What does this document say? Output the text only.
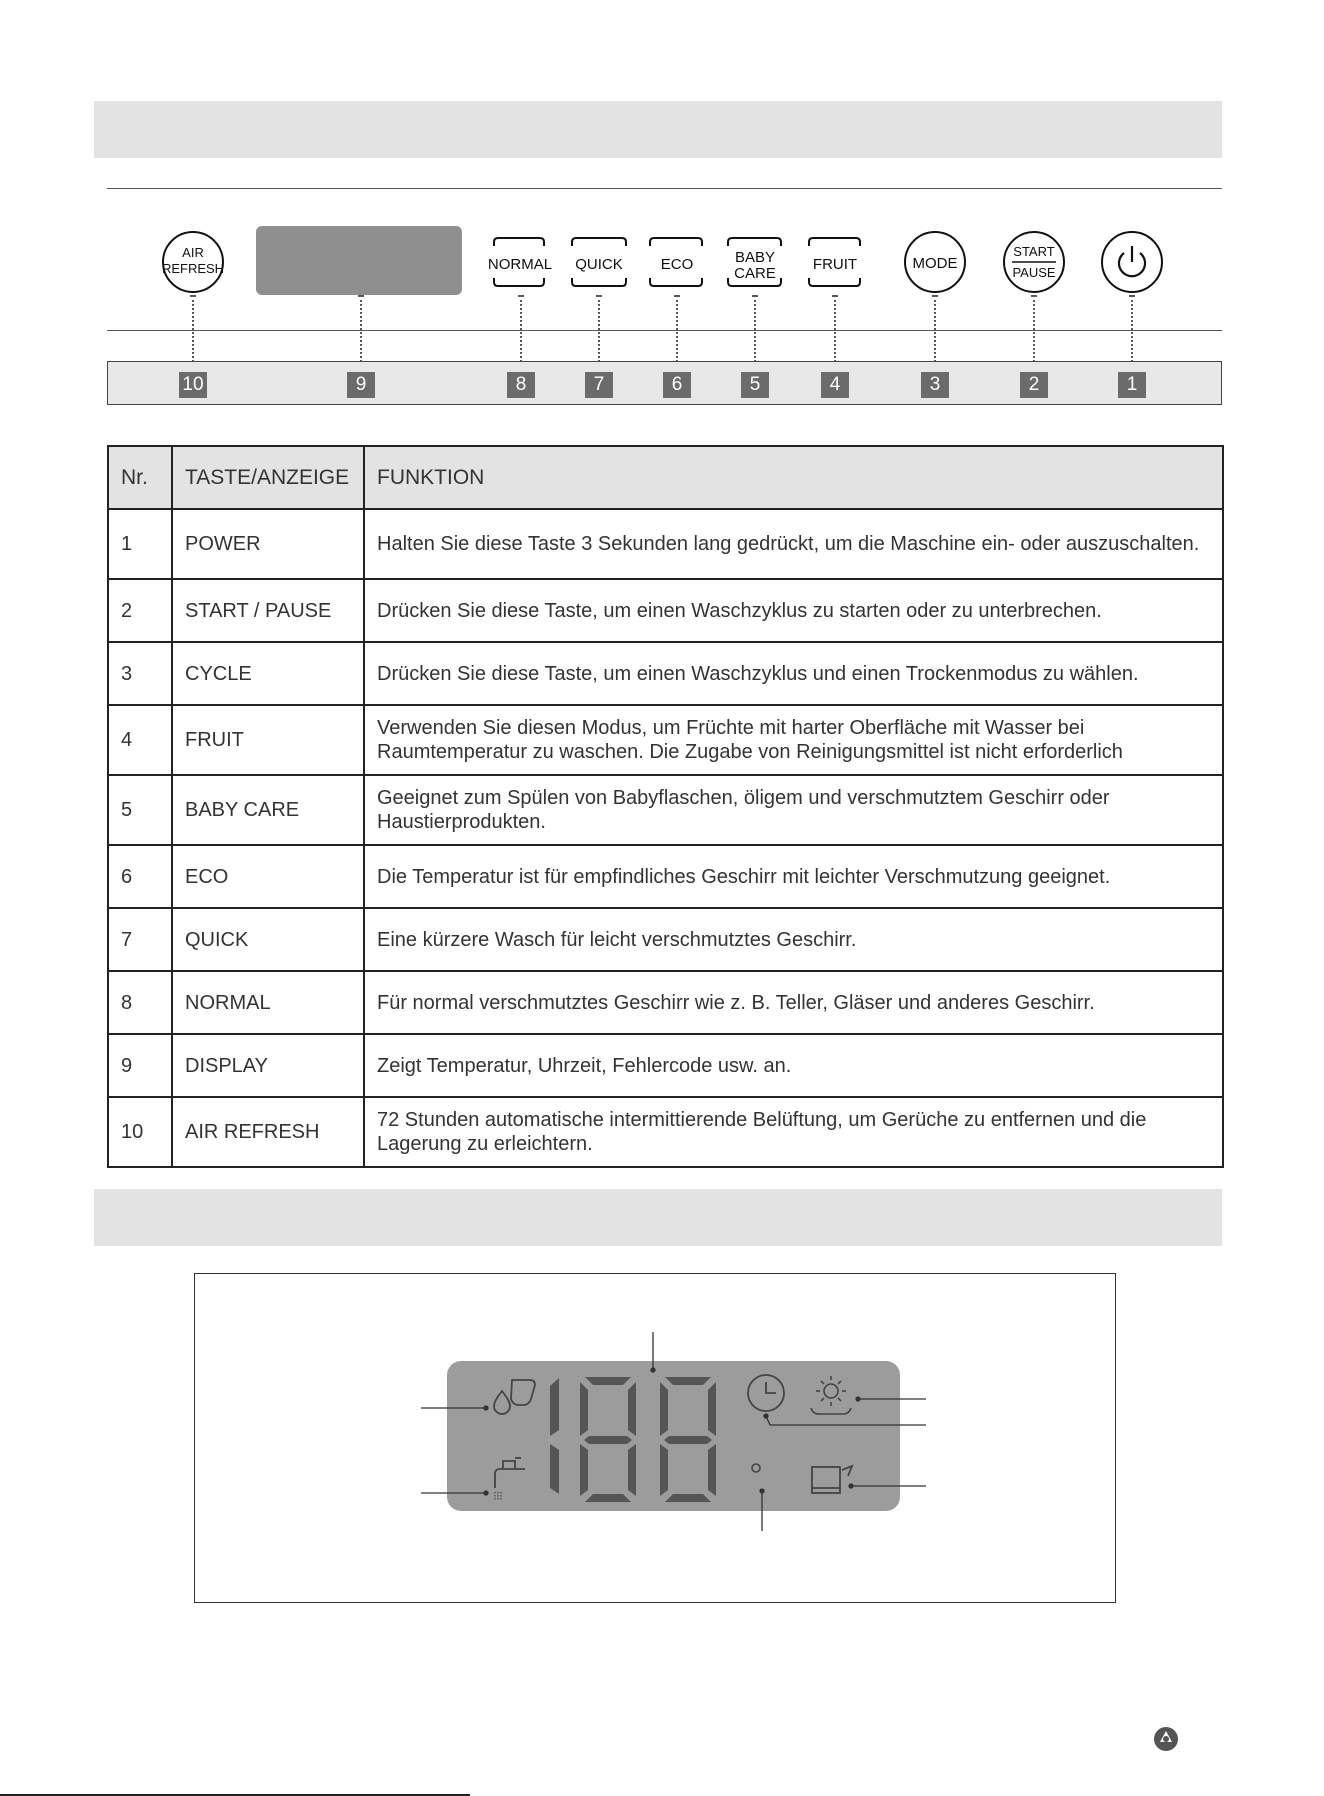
AIR
REFRESH	NORMAL QUICK	ECO	BABY
CARE
FRUIT	MODE
START
PAUSE
10	9	8	7	6	5	4	3	2	1
Nr.	TASTE/ANZEIGE	FUNKTION
1	POWER	Halten Sie diese Taste 3 Sekunden lang gedrückt, um die Maschine ein- oder auszuschalten.
2	START / PAUSE	Drücken Sie diese Taste, um einen Waschzyklus zu starten oder zu unterbrechen.
3	CYCLE	Drücken Sie diese Taste, um einen Waschzyklus und einen Trockenmodus zu wählen.
4	FRUIT	Verwenden Sie diesen Modus, um Früchte mit harter Oberfläche mit Wasser bei Raumtemperatur zu waschen. Die Zugabe von Reinigungsmittel ist nicht erforderlich
5	BABY CARE	Geeignet zum Spülen von Babyflaschen, öligem und verschmutztem Geschirr oder Haustierprodukten.
6	ECO	Die Temperatur ist für empfindliches Geschirr mit leichter Verschmutzung geeignet.
7	QUICK	Eine kürzere Wasch für leicht verschmutztes Geschirr.
8	NORMAL	Für normal verschmutztes Geschirr wie z. B. Teller, Gläser und anderes Geschirr.
9	DISPLAY	Zeigt Temperatur, Uhrzeit, Fehlercode usw. an.
10	AIR REFRESH	72 Stunden automatische intermittierende Belüftung, um Gerüche zu entfernen und die Lagerung zu erleichtern.
